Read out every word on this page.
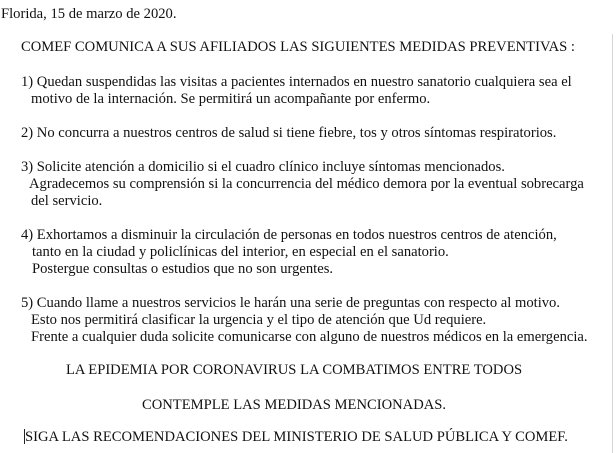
Florida, 15 de marzo de 2020.
COMEF COMUNICA A SUS AFILIADOS LAS SIGUIENTES MEDIDAS PREVENTIVAS :
1) Quedan suspendidas las visitas a pacientes internados en nuestro sanatorio cualquiera sea el
motivo de la internación. Se permitirá un acompañante por enfermo.
2) No concurra a nuestros centros de salud si tiene fiebre, tos y otros síntomas respiratorios.
3) Solicite atención a domicilio si el cuadro clínico incluye síntomas mencionados.
Agradecemos su comprensión si la concurrencia del médico demora por la eventual sobrecarga
del servicio.
4) Exhortamos a disminuir la circulación de personas en todos nuestros centros de atención,
tanto en la ciudad y policlínicas del interior, en especial en el sanatorio.
Postergue consultas o estudios que no son urgentes.
5) Cuando llame a nuestros servicios le harán una serie de preguntas con respecto al motivo.
Esto nos permitirá clasificar la urgencia y el tipo de atención que Ud requiere.
Frente a cualquier duda solicite comunicarse con alguno de nuestros médicos en la emergencia.
LA EPIDEMIA POR CORONAVIRUS LA COMBATIMOS ENTRE TODOS
CONTEMPLE LAS MEDIDAS MENCIONADAS.
SIGA LAS RECOMENDACIONES DEL MINISTERIO DE SALUD PÚBLICA Y COMEF.
